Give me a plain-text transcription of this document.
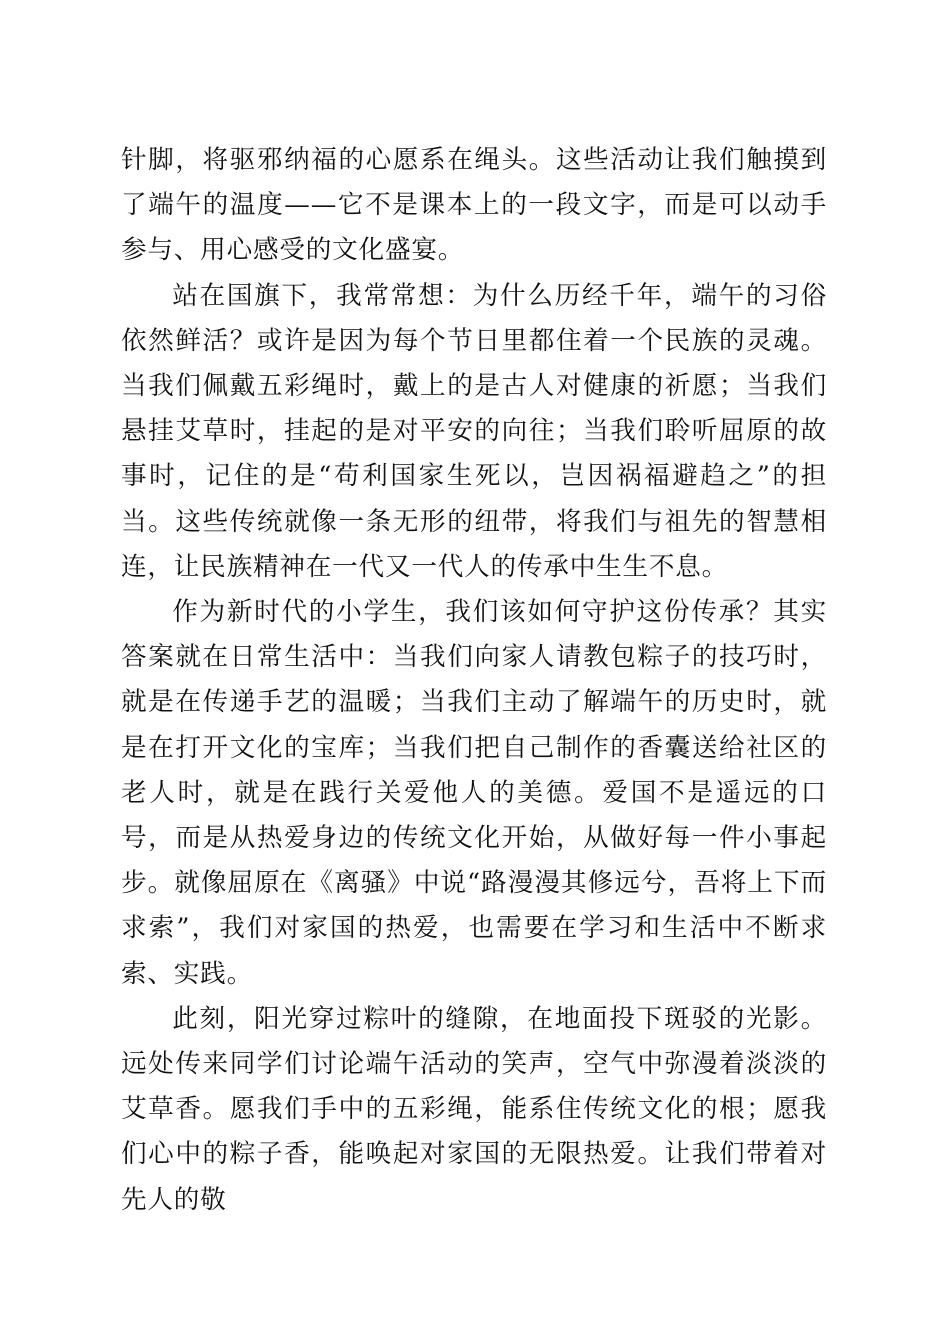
针脚，将驱邪纳福的心愿系在绳头。这些活动让我们触摸到了端午的温度——它不是课本上的一段文字，而是可以动手参与、用心感受的文化盛宴。

站在国旗下，我常常想：为什么历经千年，端午的习俗依然鲜活？或许是因为每个节日里都住着一个民族的灵魂。当我们佩戴五彩绳时，戴上的是古人对健康的祈愿；当我们悬挂艾草时，挂起的是对平安的向往；当我们聆听屈原的故事时，记住的是“苟利国家生死以，岂因祸福避趋之”的担当。这些传统就像一条无形的纽带，将我们与祖先的智慧相连，让民族精神在一代又一代人的传承中生生不息。

作为新时代的小学生，我们该如何守护这份传承？其实答案就在日常生活中：当我们向家人请教包粽子的技巧时，就是在传递手艺的温暖；当我们主动了解端午的历史时，就是在打开文化的宝库；当我们把自己制作的香囊送给社区的老人时，就是在践行关爱他人的美德。爱国不是遥远的口号，而是从热爱身边的传统文化开始，从做好每一件小事起步。就像屈原在《离骚》中说“路漫漫其修远兮，吾将上下而求索”，我们对家国的热爱，也需要在学习和生活中不断求索、实践。

此刻，阳光穿过粽叶的缝隙，在地面投下斑驳的光影。远处传来同学们讨论端午活动的笑声，空气中弥漫着淡淡的艾草香。愿我们手中的五彩绳，能系住传统文化的根；愿我们心中的粽子香，能唤起对家国的无限热爱。让我们带着对先人的敬
